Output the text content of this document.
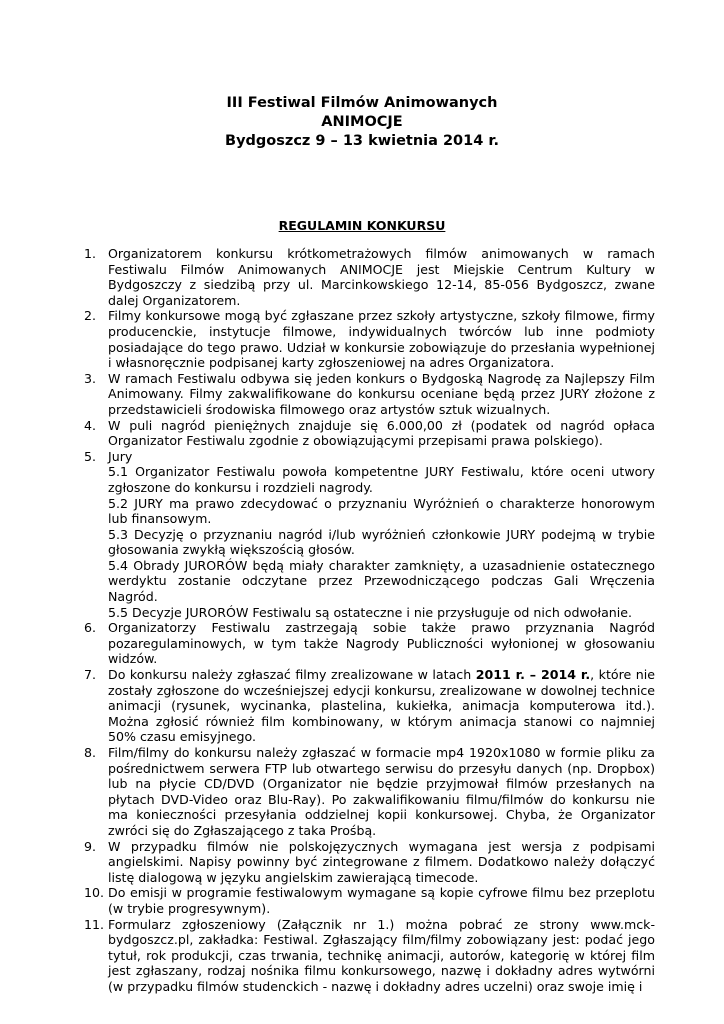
III Festiwal Filmów Animowanych
ANIMOCJE
Bydgoszcz 9 – 13 kwietnia 2014 r.
REGULAMIN KONKURSU
1. Organizatorem konkursu krótkometrażowych filmów animowanych w ramach Festiwalu Filmów Animowanych ANIMOCJE jest Miejskie Centrum Kultury w Bydgoszczy z siedzibą przy ul. Marcinkowskiego 12-14, 85-056 Bydgoszcz, zwane dalej Organizatorem.
2. Filmy konkursowe mogą być zgłaszane przez szkoły artystyczne, szkoły filmowe, firmy producenckie, instytucje filmowe, indywidualnych twórców lub inne podmioty posiadające do tego prawo. Udział w konkursie zobowiązuje do przesłania wypełnionej i własnoręcznie podpisanej karty zgłoszeniowej na adres Organizatora.
3. W ramach Festiwalu odbywa się jeden konkurs o Bydgoską Nagrodę za Najlepszy Film Animowany. Filmy zakwalifikowane do konkursu oceniane będą przez JURY złożone z przedstawicieli środowiska filmowego oraz artystów sztuk wizualnych.
4. W puli nagród pieniężnych znajduje się 6.000,00 zł (podatek od nagród opłaca Organizator Festiwalu zgodnie z obowiązującymi przepisami prawa polskiego).
5. Jury
5.1 Organizator Festiwalu powoła kompetentne JURY Festiwalu, które oceni utwory zgłoszone do konkursu i rozdzieli nagrody.
5.2 JURY ma prawo zdecydować o przyznaniu Wyróżnień o charakterze honorowym lub finansowym.
5.3 Decyzję o przyznaniu nagród i/lub wyróżnień członkowie JURY podejmą w trybie głosowania zwykłą większością głosów.
5.4 Obrady JURORÓW będą miały charakter zamknięty, a uzasadnienie ostatecznego werdyktu zostanie odczytane przez Przewodniczącego podczas Gali Wręczenia Nagród.
5.5 Decyzje JURORÓW Festiwalu są ostateczne i nie przysługuje od nich odwołanie.
6. Organizatorzy Festiwalu zastrzegają sobie także prawo przyznania Nagród pozaregulaminowych, w tym także Nagrody Publiczności wyłonionej w głosowaniu widzów.
7. Do konkursu należy zgłaszać filmy zrealizowane w latach 2011 r. – 2014 r., które nie zostały zgłoszone do wcześniejszej edycji konkursu, zrealizowane w dowolnej technice animacji (rysunek, wycinanka, plastelina, kukiełka, animacja komputerowa itd.). Można zgłosić również film kombinowany, w którym animacja stanowi co najmniej 50% czasu emisyjnego.
8. Film/filmy do konkursu należy zgłaszać w formacie mp4 1920x1080 w formie pliku za pośrednictwem serwera FTP lub otwartego serwisu do przesyłu danych (np. Dropbox) lub na płycie CD/DVD (Organizator nie będzie przyjmował filmów przesłanych na płytach DVD-Video oraz Blu-Ray). Po zakwalifikowaniu filmu/filmów do konkursu nie ma konieczności przesyłania oddzielnej kopii konkursowej. Chyba, że Organizator zwróci się do Zgłaszającego z taka Prośbą.
9. W przypadku filmów nie polskojęzycznych wymagana jest wersja z podpisami angielskimi. Napisy powinny być zintegrowane z filmem. Dodatkowo należy dołączyć listę dialogową w języku angielskim zawierającą timecode.
10. Do emisji w programie festiwalowym wymagane są kopie cyfrowe filmu bez przeplotu (w trybie progresywnym).
11. Formularz zgłoszeniowy (Załącznik nr 1.) można pobrać ze strony www.mck-bydgoszcz.pl, zakładka: Festiwal. Zgłaszający film/filmy zobowiązany jest: podać jego tytuł, rok produkcji, czas trwania, technikę animacji, autorów, kategorię w której film jest zgłaszany, rodzaj nośnika filmu konkursowego, nazwę i dokładny adres wytwórni (w przypadku filmów studenckich - nazwę i dokładny adres uczelni) oraz swoje imię i
